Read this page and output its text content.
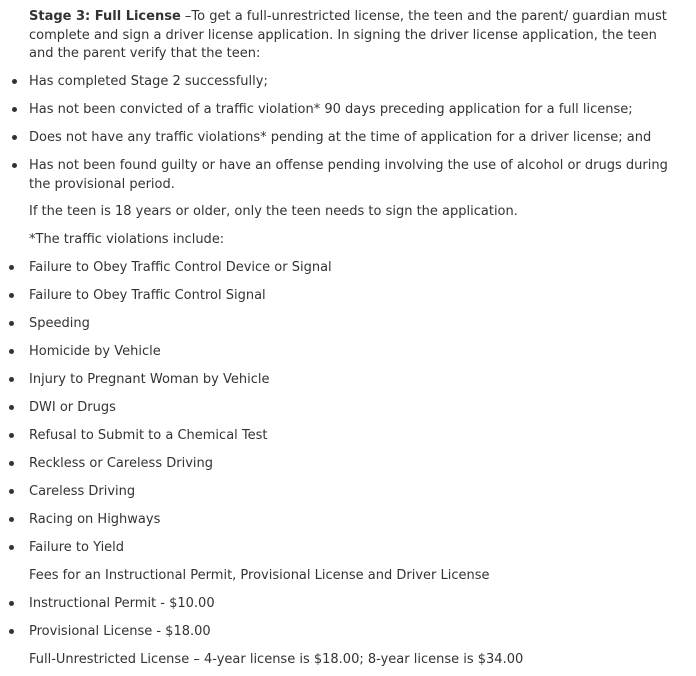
Stage 3: Full License –To get a full-unrestricted license, the teen and the parent/ guardian must complete and sign a driver license application. In signing the driver license application, the teen and the parent verify that the teen:
Has completed Stage 2 successfully;
Has not been convicted of a traffic violation* 90 days preceding application for a full license;
Does not have any traffic violations* pending at the time of application for a driver license; and
Has not been found guilty or have an offense pending involving the use of alcohol or drugs during the provisional period.
If the teen is 18 years or older, only the teen needs to sign the application.
*The traffic violations include:
Failure to Obey Traffic Control Device or Signal
Failure to Obey Traffic Control Signal
Speeding
Homicide by Vehicle
Injury to Pregnant Woman by Vehicle
DWI or Drugs
Refusal to Submit to a Chemical Test
Reckless or Careless Driving
Careless Driving
Racing on Highways
Failure to Yield
Fees for an Instructional Permit, Provisional License and Driver License
Instructional Permit - $10.00
Provisional License - $18.00
Full-Unrestricted License – 4-year license is $18.00; 8-year license is $34.00
